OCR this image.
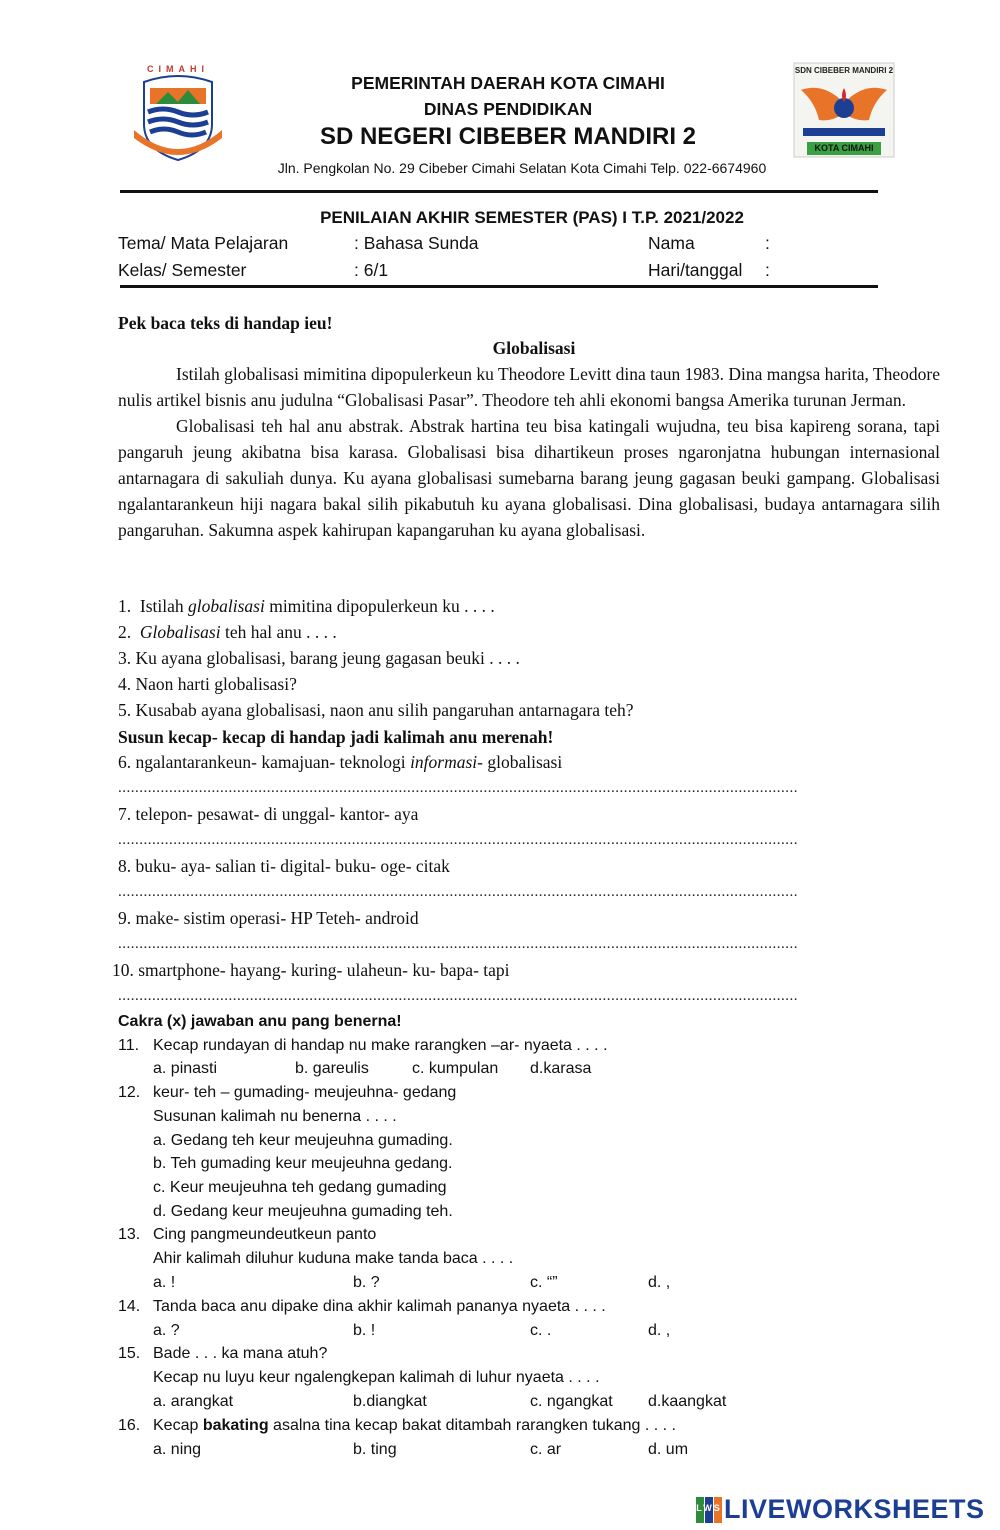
CIMAHI	SDN CIBEBER MANDIRI 2
KOTA CIMAHI
PEMERINTAH DAERAH KOTA CIMAHI
DINAS PENDIDIKAN
SD NEGERI CIBEBER MANDIRI 2
Jln. Pengkolan No. 29 Cibeber Cimahi Selatan Kota Cimahi Telp. 022-6674960
PENILAIAN AKHIR SEMESTER (PAS) I T.P. 2021/2022
Tema/ Mata Pelajaran	: Bahasa Sunda	Nama	:
Kelas/ Semester	: 6/1	Hari/tanggal :
Pek baca teks di handap ieu!
Globalisasi

Istilah globalisasi mimitina dipopulerkeun ku Theodore Levitt dina taun 1983. Dina mangsa harita, Theodore nulis artikel bisnis anu judulna “Globalisasi Pasar”. Theodore teh ahli ekonomi bangsa Amerika turunan Jerman.

Globalisasi teh hal anu abstrak. Abstrak hartina teu bisa katingali wujudna, teu bisa kapireng sorana, tapi pangaruh jeung akibatna bisa karasa. Globalisasi bisa dihartikeun proses ngaronjatna hubungan internasional antarnagara di sakuliah dunya. Ku ayana globalisasi sumebarna barang jeung gagasan beuki gampang. Globalisasi ngalantarankeun hiji nagara bakal silih pikabutuh ku ayana globalisasi. Dina globalisasi, budaya antarnagara silih pangaruhan. Sakumna aspek kahirupan kapangaruhan ku ayana globalisasi.

1. Istilah globalisasi mimitina dipopulerkeun ku . . . .
2. Globalisasi teh hal anu . . . .
3. Ku ayana globalisasi, barang jeung gagasan beuki . . . .
4. Naon harti globalisasi?
5. Kusabab ayana globalisasi, naon anu silih pangaruhan antarnagara teh?
Susun kecap- kecap di handap jadi kalimah anu merenah!
6. ngalantarankeun- kamajuan- teknologi informasi- globalisasi
................................................................................................................................................................
7. telepon- pesawat- di unggal- kantor- aya
................................................................................................................................................................
8. buku- aya- salian ti- digital- buku- oge- citak
................................................................................................................................................................
9. make- sistim operasi- HP Teteh- android
................................................................................................................................................................
10. smartphone- hayang- kuring- ulaheun- ku- bapa- tapi
................................................................................................................................................................
Cakra (x) jawaban anu pang benerna!
11. Kecap rundayan di handap nu make rarangken –ar- nyaeta . . . .
a. pinasti	b. gareulis	c. kumpulan d.karasa
12. keur- teh – gumading- meujeuhna- gedang
Susunan kalimah nu benerna . . . .
a. Gedang teh keur meujeuhna gumading.
b. Teh gumading keur meujeuhna gedang.
c. Keur meujeuhna teh gedang gumading
d. Gedang keur meujeuhna gumading teh.
13. Cing pangmeundeutkeun panto
Ahir kalimah diluhur kuduna make tanda baca . . . .
a. !	b. ?	c. “”	d. ,
14. Tanda baca anu dipake dina akhir kalimah pananya nyaeta . . . .
a. ?	b. !	c. .	d. ,
15. Bade . . . ka mana atuh?
Kecap nu luyu keur ngalengkepan kalimah di luhur nyaeta . . . .
a. arangkat	b.diangkat	c. ngangkat d.kaangkat
16. Kecap bakating asalna tina kecap bakat ditambah rarangken tukang . . . .
a. ning	b. ting	c. ar	d. um
LWS LIVEWORKSHEETS
